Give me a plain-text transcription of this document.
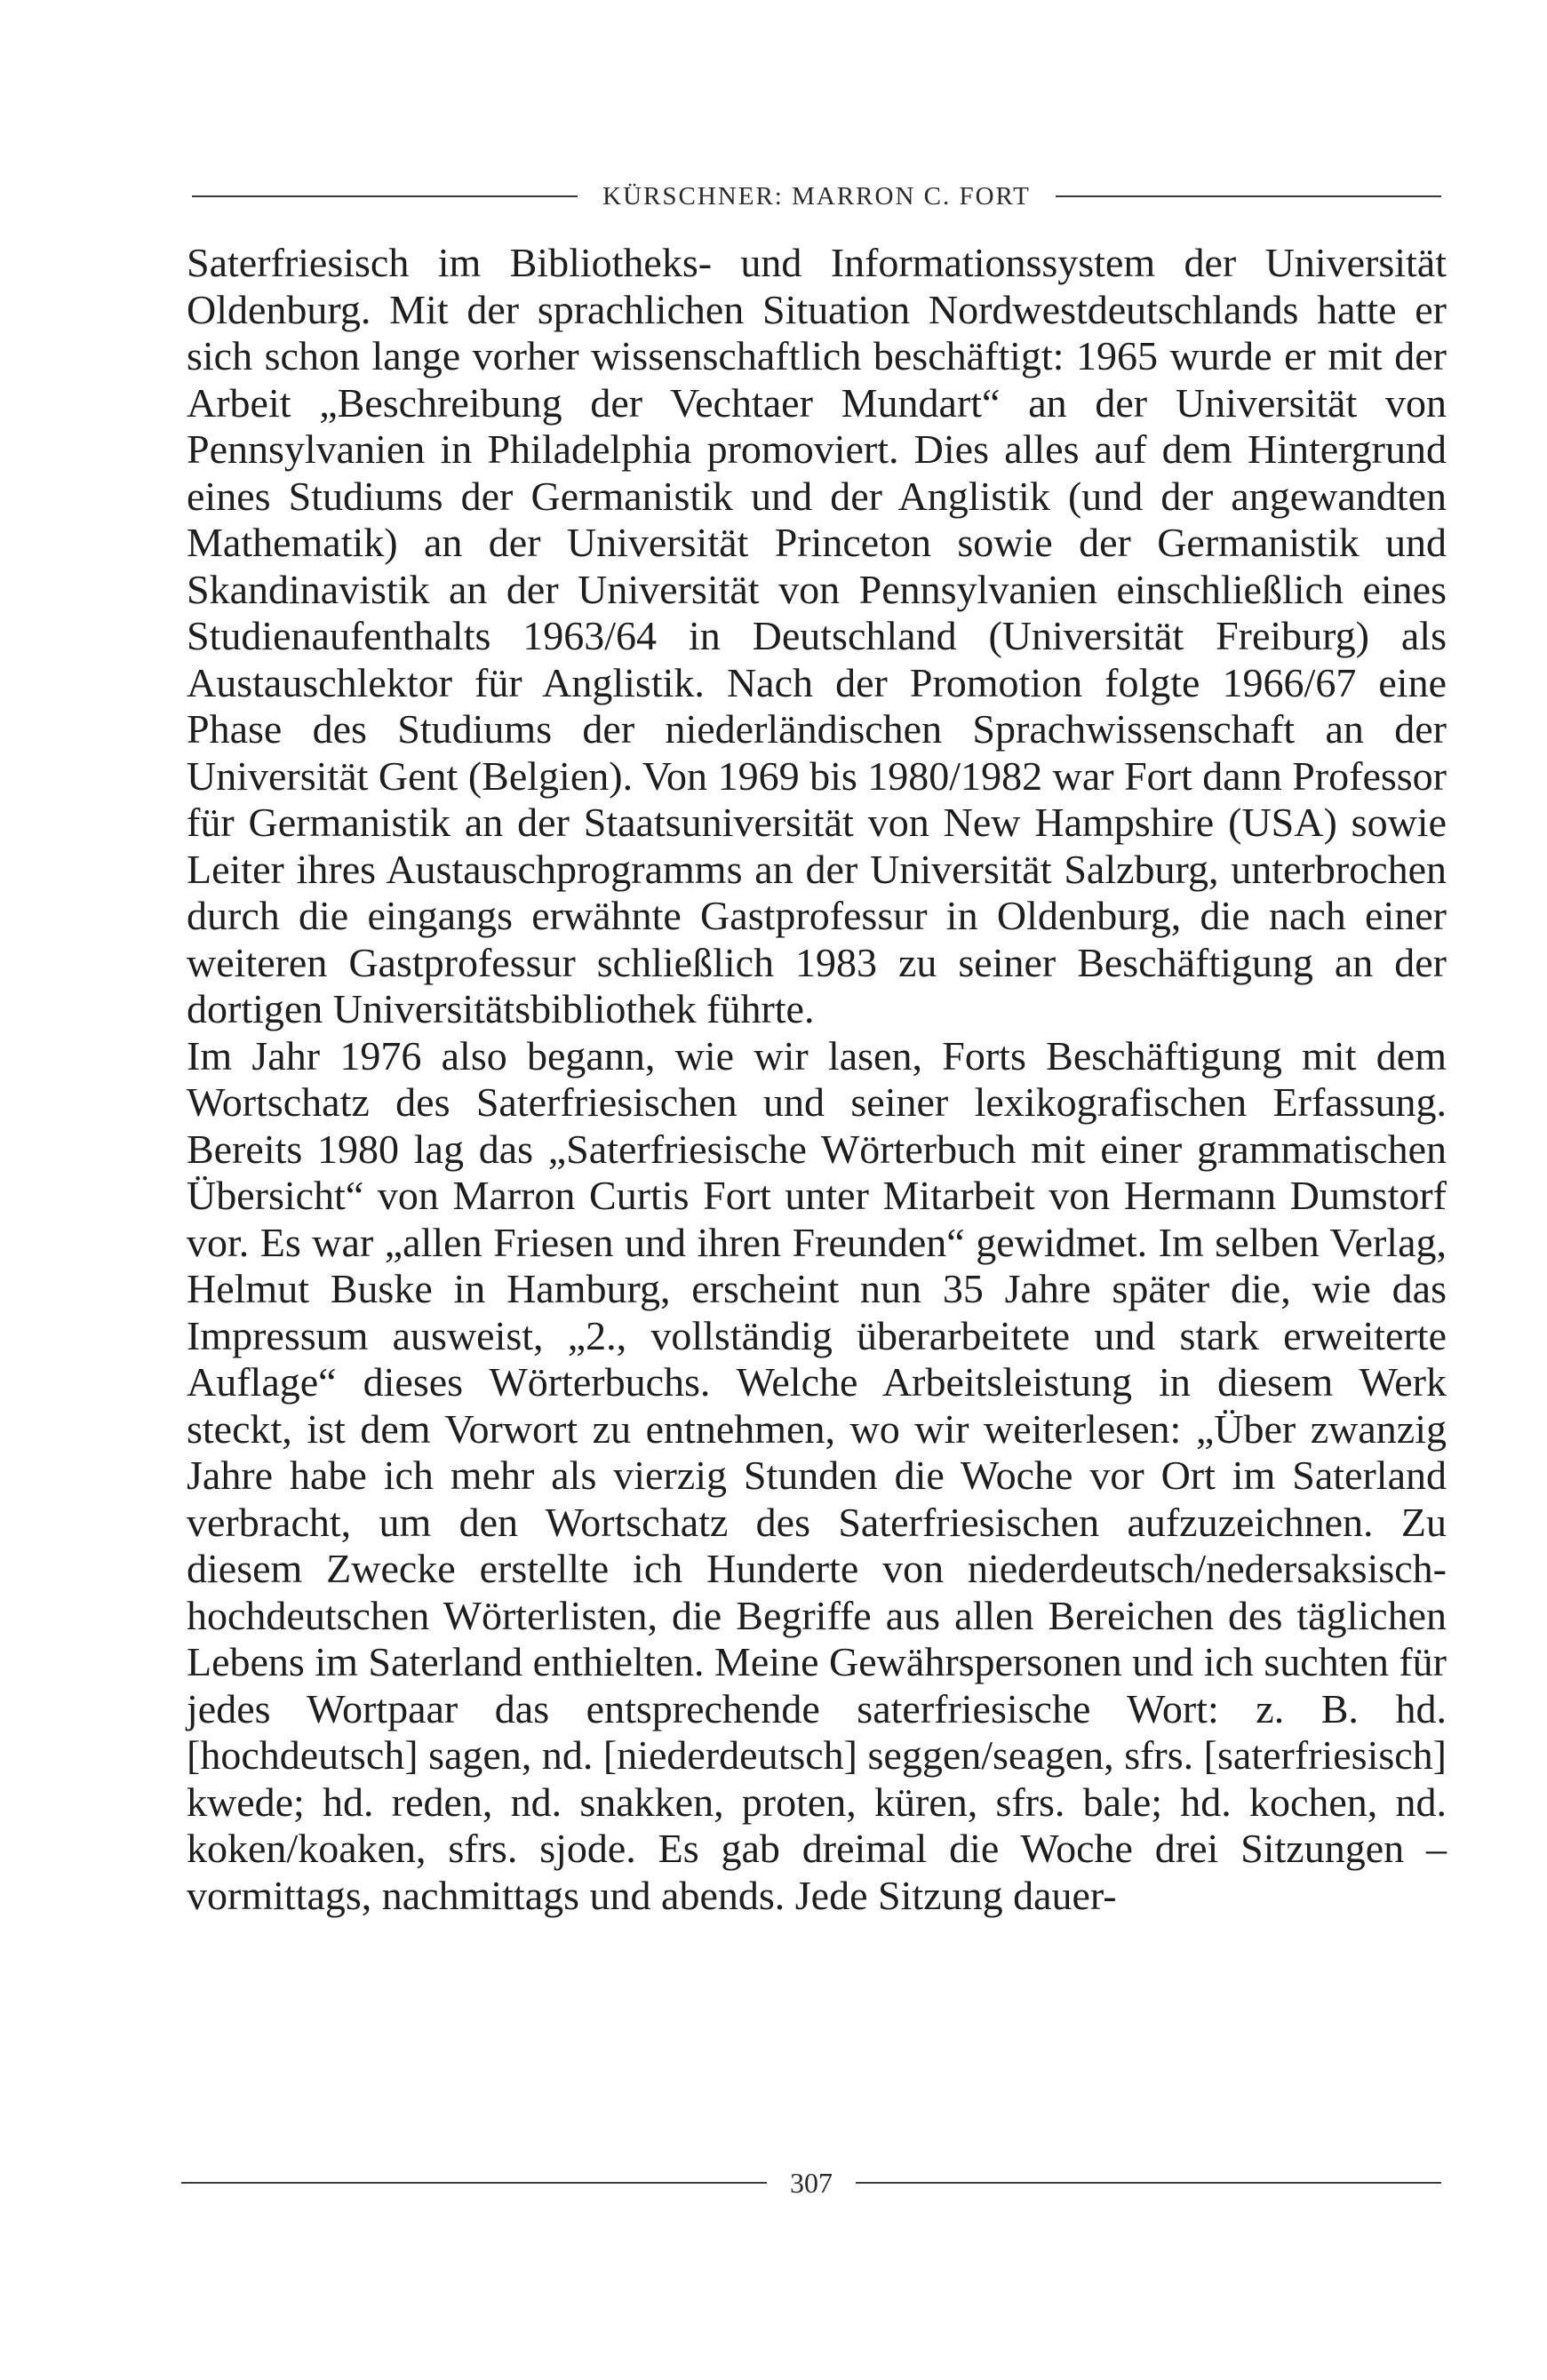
KÜRSCHNER: MARRON C. FORT

Saterfriesisch im Bibliotheks- und Informationssystem der Universität Oldenburg. Mit der sprachlichen Situation Nordwestdeutschlands hatte er sich schon lange vorher wissenschaftlich beschäftigt: 1965 wurde er mit der Arbeit „Beschreibung der Vechtaer Mundart“ an der Universität von Pennsylvanien in Philadelphia promoviert. Dies alles auf dem Hintergrund eines Studiums der Germanistik und der Anglistik (und der angewandten Mathematik) an der Universität Princeton sowie der Germanistik und Skandinavistik an der Universität von Pennsylvanien einschließlich eines Studienaufenthalts 1963/64 in Deutschland (Universität Freiburg) als Austauschlektor für Anglistik. Nach der Promotion folgte 1966/67 eine Phase des Studiums der niederländischen Sprachwissenschaft an der Universität Gent (Belgien). Von 1969 bis 1980/1982 war Fort dann Professor für Germanistik an der Staatsuniversität von New Hampshire (USA) sowie Leiter ihres Austauschprogramms an der Universität Salzburg, unterbrochen durch die eingangs erwähnte Gastprofessur in Oldenburg, die nach einer weiteren Gastprofessur schließlich 1983 zu seiner Beschäftigung an der dortigen Universitätsbibliothek führte.

Im Jahr 1976 also begann, wie wir lasen, Forts Beschäftigung mit dem Wortschatz des Saterfriesischen und seiner lexikografischen Erfassung. Bereits 1980 lag das „Saterfriesische Wörterbuch mit einer grammatischen Übersicht“ von Marron Curtis Fort unter Mitarbeit von Hermann Dumstorf vor. Es war „allen Friesen und ihren Freunden“ gewidmet. Im selben Verlag, Helmut Buske in Hamburg, erscheint nun 35 Jahre später die, wie das Impressum ausweist, „2., vollständig überarbeitete und stark erweiterte Auflage“ dieses Wörterbuchs. Welche Arbeitsleistung in diesem Werk steckt, ist dem Vorwort zu entnehmen, wo wir weiterlesen: „Über zwanzig Jahre habe ich mehr als vierzig Stunden die Woche vor Ort im Saterland verbracht, um den Wortschatz des Saterfriesischen aufzuzeichnen. Zu diesem Zwecke erstellte ich Hunderte von niederdeutsch/nedersaksisch-hochdeutschen Wörterlisten, die Begriffe aus allen Bereichen des täglichen Lebens im Saterland enthielten. Meine Gewährspersonen und ich suchten für jedes Wortpaar das entsprechende saterfriesische Wort: z. B. hd. [hochdeutsch] sagen, nd. [niederdeutsch] seggen/seagen, sfrs. [saterfriesisch] kwede; hd. reden, nd. snakken, proten, küren, sfrs. bale; hd. kochen, nd. koken/koaken, sfrs. sjode. Es gab dreimal die Woche drei Sitzungen – vormittags, nachmittags und abends. Jede Sitzung dauer-

307
